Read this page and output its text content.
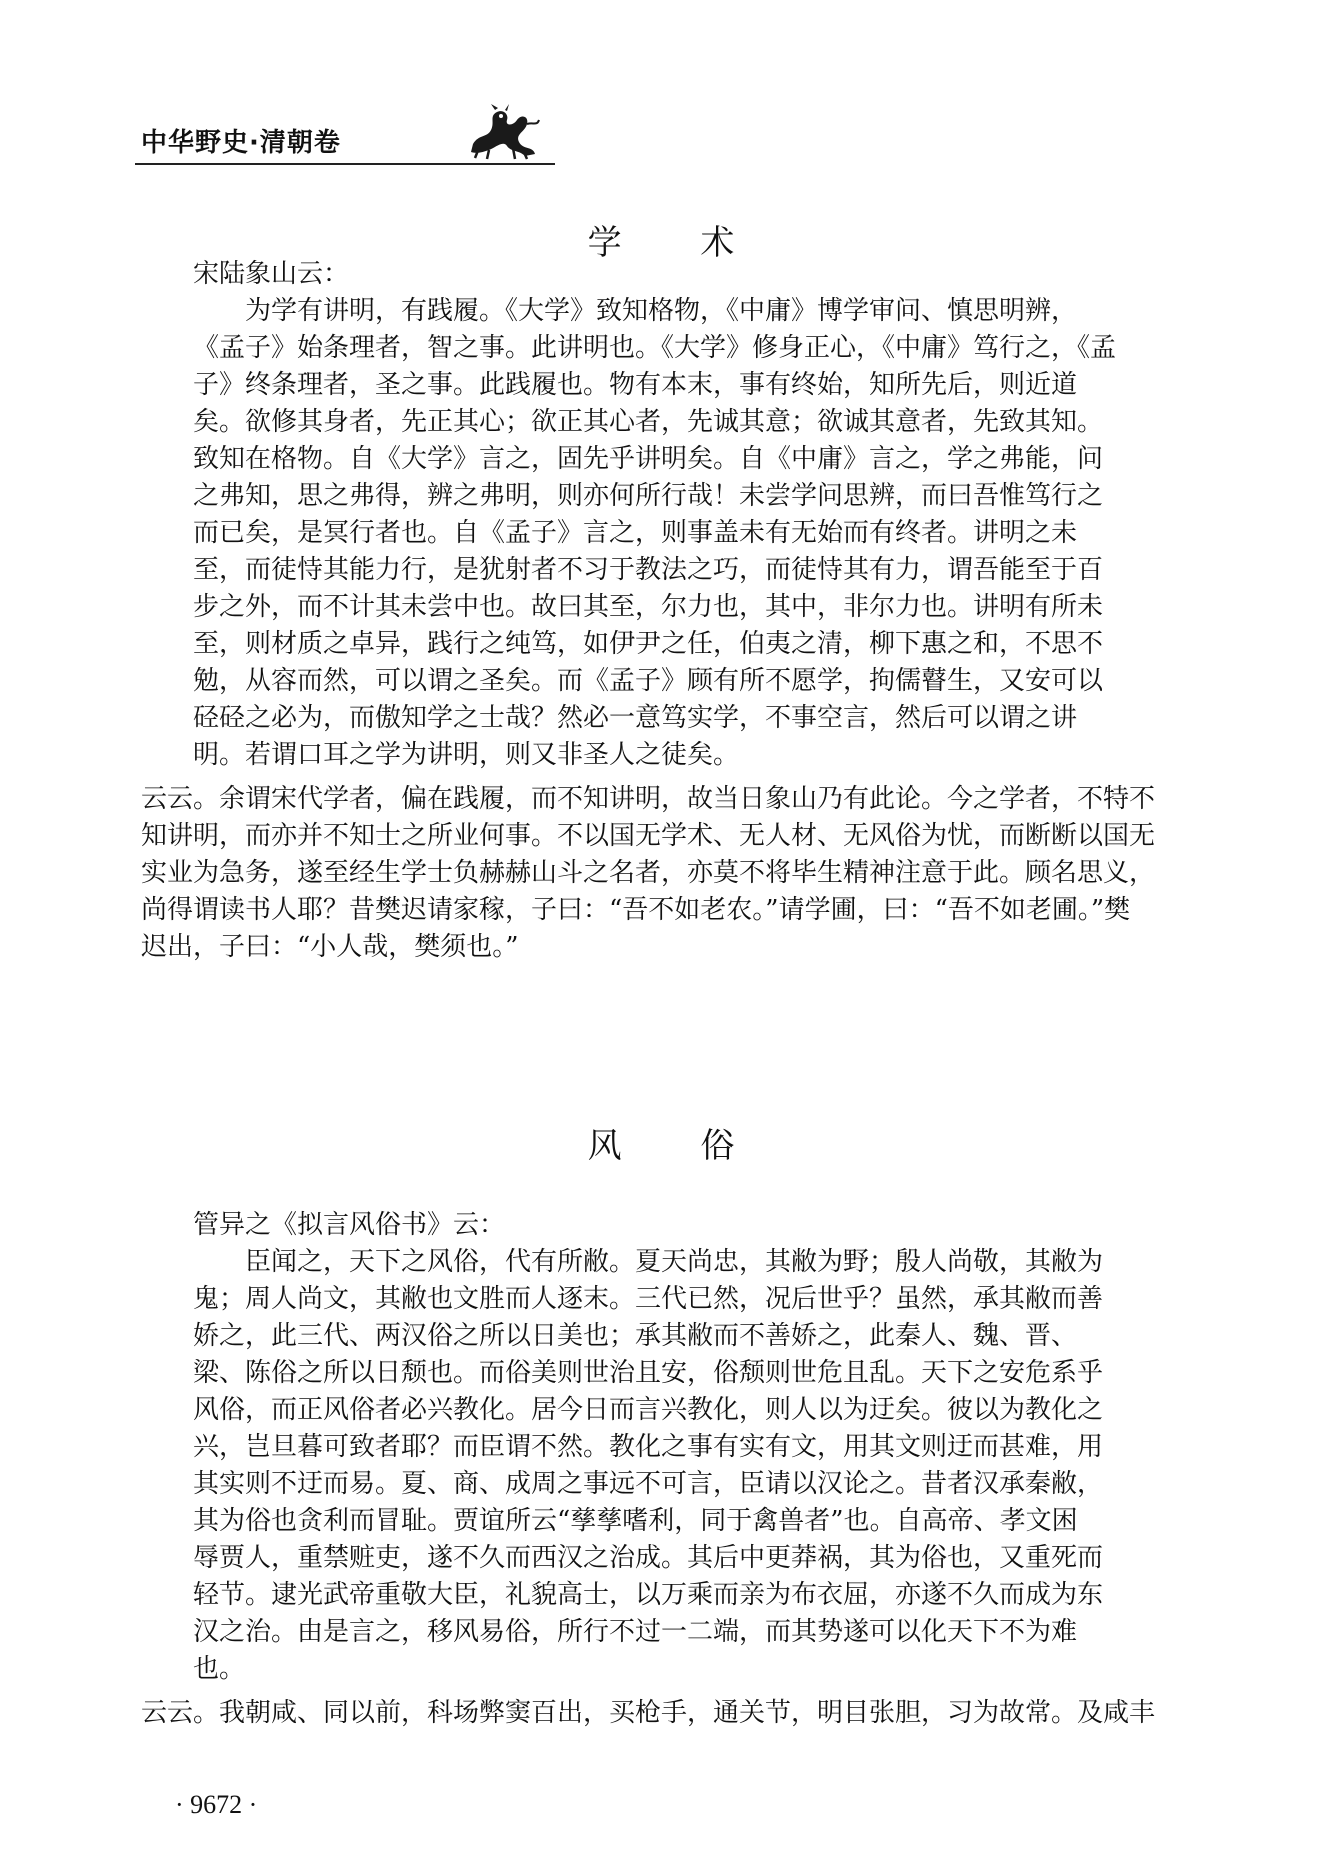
中华野史·清朝卷
学 术
宋陆象山云：
为学有讲明，有践履。《大学》致知格物，《中庸》博学审问、慎思明辨，
《孟子》始条理者，智之事。此讲明也。《大学》修身正心，《中庸》笃行之，《孟
子》终条理者，圣之事。此践履也。物有本末，事有终始，知所先后，则近道
矣。欲修其身者，先正其心；欲正其心者，先诚其意；欲诚其意者，先致其知。
致知在格物。自《大学》言之，固先乎讲明矣。自《中庸》言之，学之弗能，问
之弗知，思之弗得，辨之弗明，则亦何所行哉！未尝学问思辨，而曰吾惟笃行之
而已矣，是冥行者也。自《孟子》言之，则事盖未有无始而有终者。讲明之未
至，而徒恃其能力行，是犹射者不习于教法之巧，而徒恃其有力，谓吾能至于百
步之外，而不计其未尝中也。故曰其至，尔力也，其中，非尔力也。讲明有所未
至，则材质之卓异，践行之纯笃，如伊尹之任，伯夷之清，柳下惠之和，不思不
勉，从容而然，可以谓之圣矣。而《孟子》顾有所不愿学，拘儒瞽生，又安可以
硁硁之必为，而傲知学之士哉？然必一意笃实学，不事空言，然后可以谓之讲
明。若谓口耳之学为讲明，则又非圣人之徒矣。
云云。余谓宋代学者，偏在践履，而不知讲明，故当日象山乃有此论。今之学者，不特不
知讲明，而亦并不知士之所业何事。不以国无学术、无人材、无风俗为忧，而断断以国无
实业为急务，遂至经生学士负赫赫山斗之名者，亦莫不将毕生精神注意于此。顾名思义，
尚得谓读书人耶？昔樊迟请家稼，子曰：“吾不如老农。”请学圃，曰：“吾不如老圃。”樊
迟出，子曰：“小人哉，樊须也。”
风 俗
管异之《拟言风俗书》云：
臣闻之，天下之风俗，代有所敝。夏天尚忠，其敝为野；殷人尚敬，其敝为
鬼；周人尚文，其敝也文胜而人逐末。三代已然，况后世乎？虽然，承其敝而善
娇之，此三代、两汉俗之所以日美也；承其敝而不善娇之，此秦人、魏、晋、
梁、陈俗之所以日颓也。而俗美则世治且安，俗颓则世危且乱。天下之安危系乎
风俗，而正风俗者必兴教化。居今日而言兴教化，则人以为迂矣。彼以为教化之
兴，岂旦暮可致者耶？而臣谓不然。教化之事有实有文，用其文则迂而甚难，用
其实则不迂而易。夏、商、成周之事远不可言，臣请以汉论之。昔者汉承秦敝，
其为俗也贪利而冒耻。贾谊所云“孳孳嗜利，同于禽兽者”也。自高帝、孝文困
辱贾人，重禁赃吏，遂不久而西汉之治成。其后中更莽祸，其为俗也，又重死而
轻节。逮光武帝重敬大臣，礼貌高士，以万乘而亲为布衣屈，亦遂不久而成为东
汉之治。由是言之，移风易俗，所行不过一二端，而其势遂可以化天下不为难
也。
云云。我朝咸、同以前，科场弊窦百出，买枪手，通关节，明目张胆，习为故常。及咸丰
· 9672 ·
